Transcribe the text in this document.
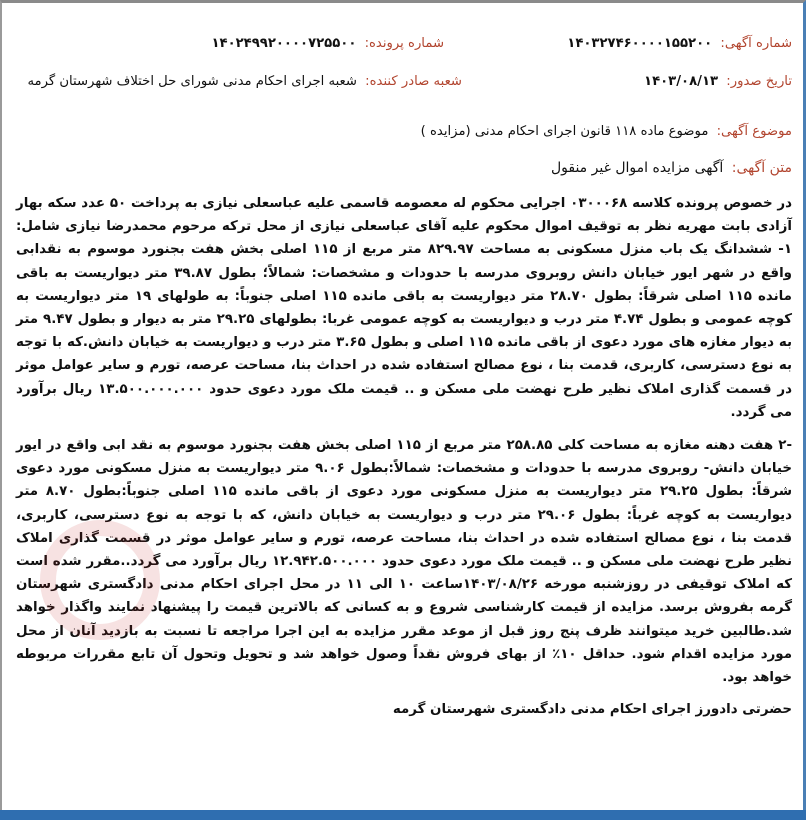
شماره آگهی: ۱۴۰۳۲۷۴۶۰۰۰۰۱۵۵۲۰۰
شماره پرونده: ۱۴۰۲۴۹۹۲۰۰۰۰۷۲۵۵۰۰
تاریخ صدور: ۱۴۰۳/۰۸/۱۳
شعبه صادر کننده: شعبه اجرای احکام مدنی شورای حل اختلاف شهرستان گرمه
موضوع آگهی: موضوع ماده ۱۱۸ قانون اجرای احکام مدنی (مزایده )
متن آگهی: آگهی مزایده اموال غیر منقول
در خصوص پرونده کلاسه ۰۳۰۰۰۶۸ اجرایی محکوم له معصومه قاسمی علیه عباسعلی نیازی به پرداخت ۵۰ عدد سکه بهار آزادی بابت مهریه نظر به توقیف اموال محکوم علیه آقای عباسعلی نیازی از محل ترکه مرحوم محمدرضا نیازی شامل: ۱- ششدانگ یک باب منزل مسکونی به مساحت ۸۲۹.۹۷ متر مربع از ۱۱۵ اصلی بخش هفت بجنورد موسوم به نقدابی واقع در شهر ایور خیابان دانش روبروی مدرسه با حدودات و مشخصات: شمالاً؛ بطول ۳۹.۸۷ متر دیواریست به باقی مانده ۱۱۵ اصلی شرقاً: بطول ۲۸.۷۰ متر دیواریست به باقی مانده ۱۱۵ اصلی جنوباً: به طولهای ۱۹ متر دیواریست به کوچه عمومی و بطول ۴.۷۴ متر درب و دیواریست به کوچه عمومی غربا: بطولهای ۲۹.۲۵ متر به دیوار و بطول ۹.۴۷ متر به دیوار مغازه های مورد دعوی از باقی مانده ۱۱۵ اصلی و بطول ۳.۶۵ متر درب و دیواریست به خیابان دانش.که با توجه به نوع دسترسی، کاربری، قدمت بنا ، نوع مصالح استفاده شده در احداث بنا، مساحت عرصه، تورم و سایر عوامل موثر در قسمت گذاری املاک نظیر طرح نهضت ملی مسکن و .. قیمت ملک مورد دعوی حدود ۱۳.۵۰۰.۰۰۰.۰۰۰ ریال برآورد می گردد.
-۲ هفت دهنه مغازه به مساحت کلی ۲۵۸.۸۵ متر مربع از ۱۱۵ اصلی بخش هفت بجنورد موسوم به نقد ابی واقع در ایور خیابان دانش- روبروی مدرسه با حدودات و مشخصات: شمالاً:بطول ۹.۰۶ متر دیواریست به منزل مسکونی مورد دعوی شرقاً: بطول ۲۹.۲۵ متر دیواریست به منزل مسکونی مورد دعوی از باقی مانده ۱۱۵ اصلی جنوباً:بطول ۸.۷۰ متر دیواریست به کوچه غرباً: بطول ۲۹.۰۶ متر درب و دیواریست به خیابان دانش، که با توجه به نوع دسترسی، کاربری، قدمت بنا ، نوع مصالح استفاده شده در احداث بنا، مساحت عرصه، تورم و سایر عوامل موثر در قسمت گذاری املاک نظیر طرح نهضت ملی مسکن و .. قیمت ملک مورد دعوی حدود ۱۲.۹۴۲.۵۰۰.۰۰۰ ریال برآورد می گردد..مقرر شده است که املاک توقیفی در روزشنبه مورخه ۱۴۰۳/۰۸/۲۶ساعت ۱۰ الی ۱۱ در محل اجرای احکام مدنی دادگستری شهرستان گرمه بفروش برسد. مزایده از قیمت کارشناسی شروع و به کسانی که بالاترین قیمت را پیشنهاد نمایند واگذار خواهد شد.طالبین خرید میتوانند ظرف پنج روز قبل از موعد مقرر مزایده به این اجرا مراجعه تا نسبت به بازدید آنان از محل مورد مزایده اقدام شود. حداقل ۱۰٪ از بهای فروش نقداً وصول خواهد شد و تحویل وتحول آن تابع مقررات مربوطه خواهد بود.
حضرتی دادورز اجرای احکام مدنی دادگستری شهرستان گرمه
